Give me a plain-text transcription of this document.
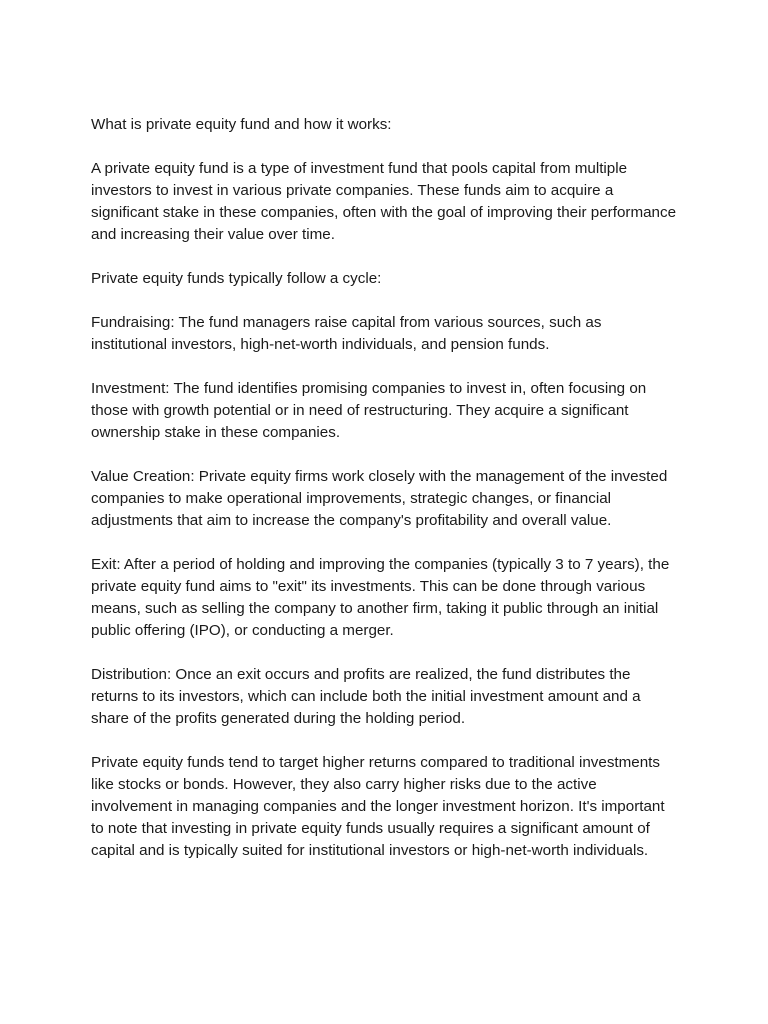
What is private equity fund and how it works:

A private equity fund is a type of investment fund that pools capital from multiple investors to invest in various private companies. These funds aim to acquire a significant stake in these companies, often with the goal of improving their performance and increasing their value over time.

Private equity funds typically follow a cycle:

Fundraising: The fund managers raise capital from various sources, such as institutional investors, high-net-worth individuals, and pension funds.

Investment: The fund identifies promising companies to invest in, often focusing on those with growth potential or in need of restructuring. They acquire a significant ownership stake in these companies.

Value Creation: Private equity firms work closely with the management of the invested companies to make operational improvements, strategic changes, or financial adjustments that aim to increase the company's profitability and overall value.

Exit: After a period of holding and improving the companies (typically 3 to 7 years), the private equity fund aims to "exit" its investments. This can be done through various means, such as selling the company to another firm, taking it public through an initial public offering (IPO), or conducting a merger.

Distribution: Once an exit occurs and profits are realized, the fund distributes the returns to its investors, which can include both the initial investment amount and a share of the profits generated during the holding period.

Private equity funds tend to target higher returns compared to traditional investments like stocks or bonds. However, they also carry higher risks due to the active involvement in managing companies and the longer investment horizon. It's important to note that investing in private equity funds usually requires a significant amount of capital and is typically suited for institutional investors or high-net-worth individuals.
